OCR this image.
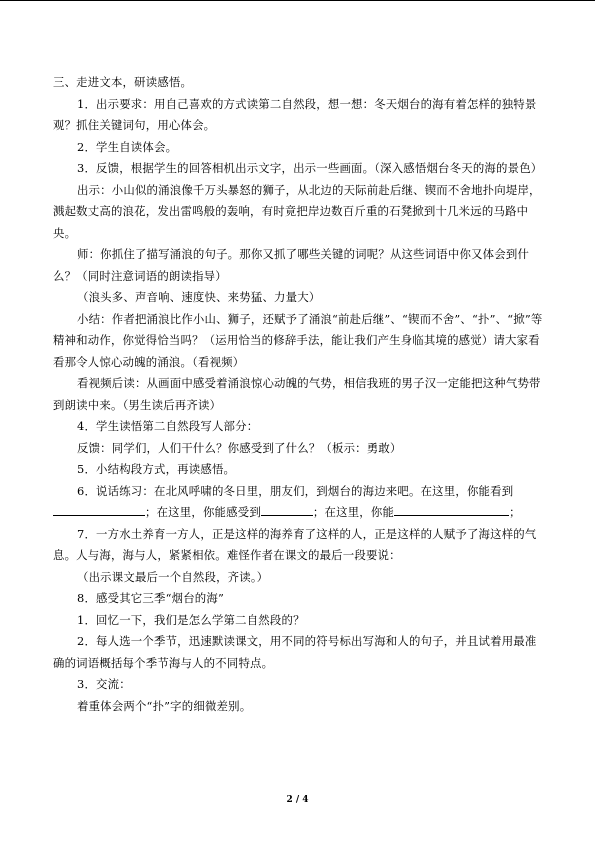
三、走进文本，研读感悟。

1．出示要求：用自己喜欢的方式读第二自然段，想一想：冬天烟台的海有着怎样的独特景观？抓住关键词句，用心体会。

2．学生自读体会。

3．反馈，根据学生的回答相机出示文字，出示一些画面。（深入感悟烟台冬天的海的景色）

出示：小山似的涌浪像千万头暴怒的狮子，从北边的天际前赴后继、锲而不舍地扑向堤岸，溅起数丈高的浪花，发出雷鸣般的轰响，有时竟把岸边数百斤重的石凳掀到十几米远的马路中央。

师：你抓住了描写涌浪的句子。那你又抓了哪些关键的词呢？从这些词语中你又体会到什么？（同时注意词语的朗读指导）

（浪头多、声音响、速度快、来势猛、力量大）

小结：作者把涌浪比作小山、狮子，还赋予了涌浪“前赴后继”、“锲而不舍”、“扑”、“掀”等精神和动作，你觉得恰当吗？（运用恰当的修辞手法，能让我们产生身临其境的感觉）请大家看看那令人惊心动魄的涌浪。（看视频）

看视频后读：从画面中感受着涌浪惊心动魄的气势，相信我班的男子汉一定能把这种气势带到朗读中来。（男生读后再齐读）

4．学生读悟第二自然段写人部分：

反馈：同学们，人们干什么？你感受到了什么？（板示：勇敢）

5．小结构段方式，再读感悟。

6．说话练习：在北风呼啸的冬日里，朋友们，到烟台的海边来吧。在这里，你能看到；在这里，你能感受到	；在这里，你能	；

7．一方水土养育一方人，正是这样的海养育了这样的人，正是这样的人赋予了海这样的气息。人与海，海与人，紧紧相依。难怪作者在课文的最后一段要说：

（出示课文最后一个自然段，齐读。）

8．感受其它三季“烟台的海”

1．回忆一下，我们是怎么学第二自然段的？

2．每人选一个季节，迅速默读课文，用不同的符号标出写海和人的句子，并且试着用最准确的词语概括每个季节海与人的不同特点。

3．交流：

着重体会两个“扑”字的细微差别。

2 / 4
